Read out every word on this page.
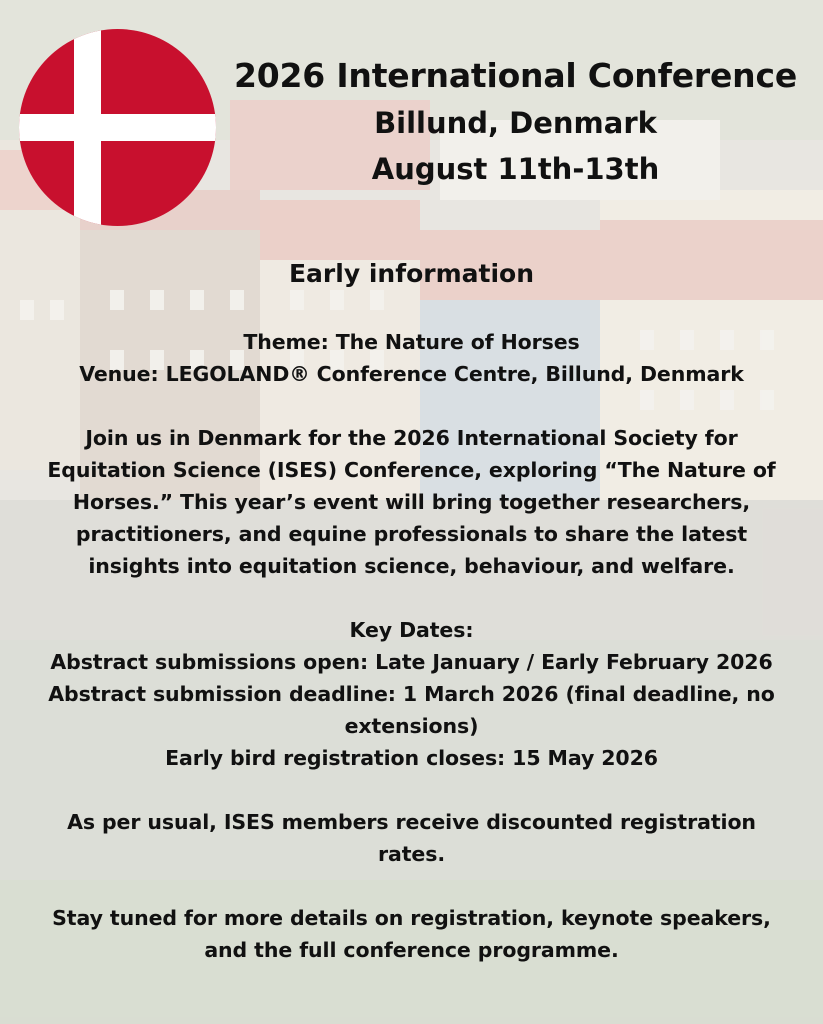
2026 International Conference
Billund, Denmark
August 11th-13th
Early information
Theme: The Nature of Horses
Venue: LEGOLAND® Conference Centre, Billund, Denmark
Join us in Denmark for the 2026 International Society for
Equitation Science (ISES) Conference, exploring “The Nature of
Horses.” This year’s event will bring together researchers,
practitioners, and equine professionals to share the latest
insights into equitation science, behaviour, and welfare.
Key Dates:
Abstract submissions open: Late January / Early February 2026
Abstract submission deadline: 1 March 2026 (final deadline, no
extensions)
Early bird registration closes: 15 May 2026
As per usual, ISES members receive discounted registration
rates.
Stay tuned for more details on registration, keynote speakers,
and the full conference programme.
